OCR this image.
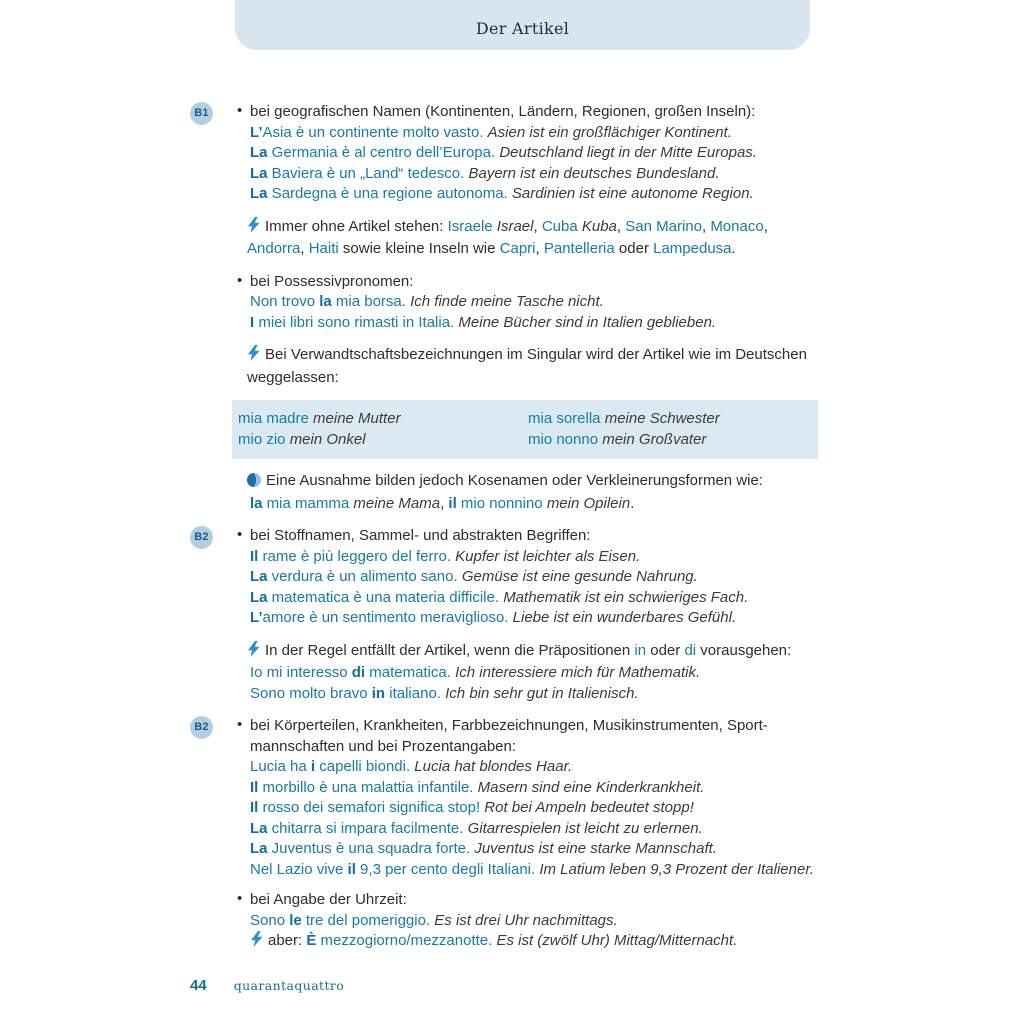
Der Artikel
B1 • bei geografischen Namen (Kontinenten, Ländern, Regionen, großen Inseln):

L’Asia è un continente molto vasto. Asien ist ein großflächiger Kontinent.

La Germania è al centro dell’Europa. Deutschland liegt in der Mitte Europas.

La Baviera è un „Land“ tedesco. Bayern ist ein deutsches Bundesland.

La Sardegna è una regione autonoma. Sardinien ist eine autonome Region.

Immer ohne Artikel stehen: Israele Israel, Cuba Kuba, San Marino, Monaco, Andorra, Haiti sowie kleine Inseln wie Capri, Pantelleria oder Lampedusa.

• bei Possessivpronomen:

Non trovo la mia borsa. Ich finde meine Tasche nicht.

I miei libri sono rimasti in Italia. Meine Bücher sind in Italien geblieben.

Bei Verwandtschaftsbezeichnungen im Singular wird der Artikel wie im Deutschen weggelassen:

mia madre meine Mutter

mio zio mein Onkel

mia sorella meine Schwester

mio nonno mein Großvater

Eine Ausnahme bilden jedoch Kosenamen oder Verkleinerungsformen wie:

la mia mamma meine Mama, il mio nonnino mein Opilein.

B2 • bei Stoffnamen, Sammel- und abstrakten Begriffen:

Il rame è più leggero del ferro. Kupfer ist leichter als Eisen.

La verdura è un alimento sano. Gemüse ist eine gesunde Nahrung.

La matematica è una materia difficile. Mathematik ist ein schwieriges Fach.

L’amore è un sentimento meraviglioso. Liebe ist ein wunderbares Gefühl.

In der Regel entfällt der Artikel, wenn die Präpositionen in oder di vorausgehen:

Io mi interesso di matematica. Ich interessiere mich für Mathematik.

Sono molto bravo in italiano. Ich bin sehr gut in Italienisch.

B2 • bei Körperteilen, Krankheiten, Farbbezeichnungen, Musikinstrumenten, Sportmannschaften und bei Prozentangaben:

Lucia ha i capelli biondi. Lucia hat blondes Haar.

Il morbillo è una malattia infantile. Masern sind eine Kinderkrankheit.

Il rosso dei semafori significa stop! Rot bei Ampeln bedeutet stopp!

La chitarra si impara facilmente. Gitarrespielen ist leicht zu erlernen.

La Juventus è una squadra forte. Juventus ist eine starke Mannschaft.

Nel Lazio vive il 9,3 per cento degli Italiani. Im Latium leben 9,3 Prozent der Italiener.

• bei Angabe der Uhrzeit:

Sono le tre del pomeriggio. Es ist drei Uhr nachmittags.

aber: È mezzogiorno/mezzanotte. Es ist (zwölf Uhr) Mittag/Mitternacht.

44 quarantaquattro
